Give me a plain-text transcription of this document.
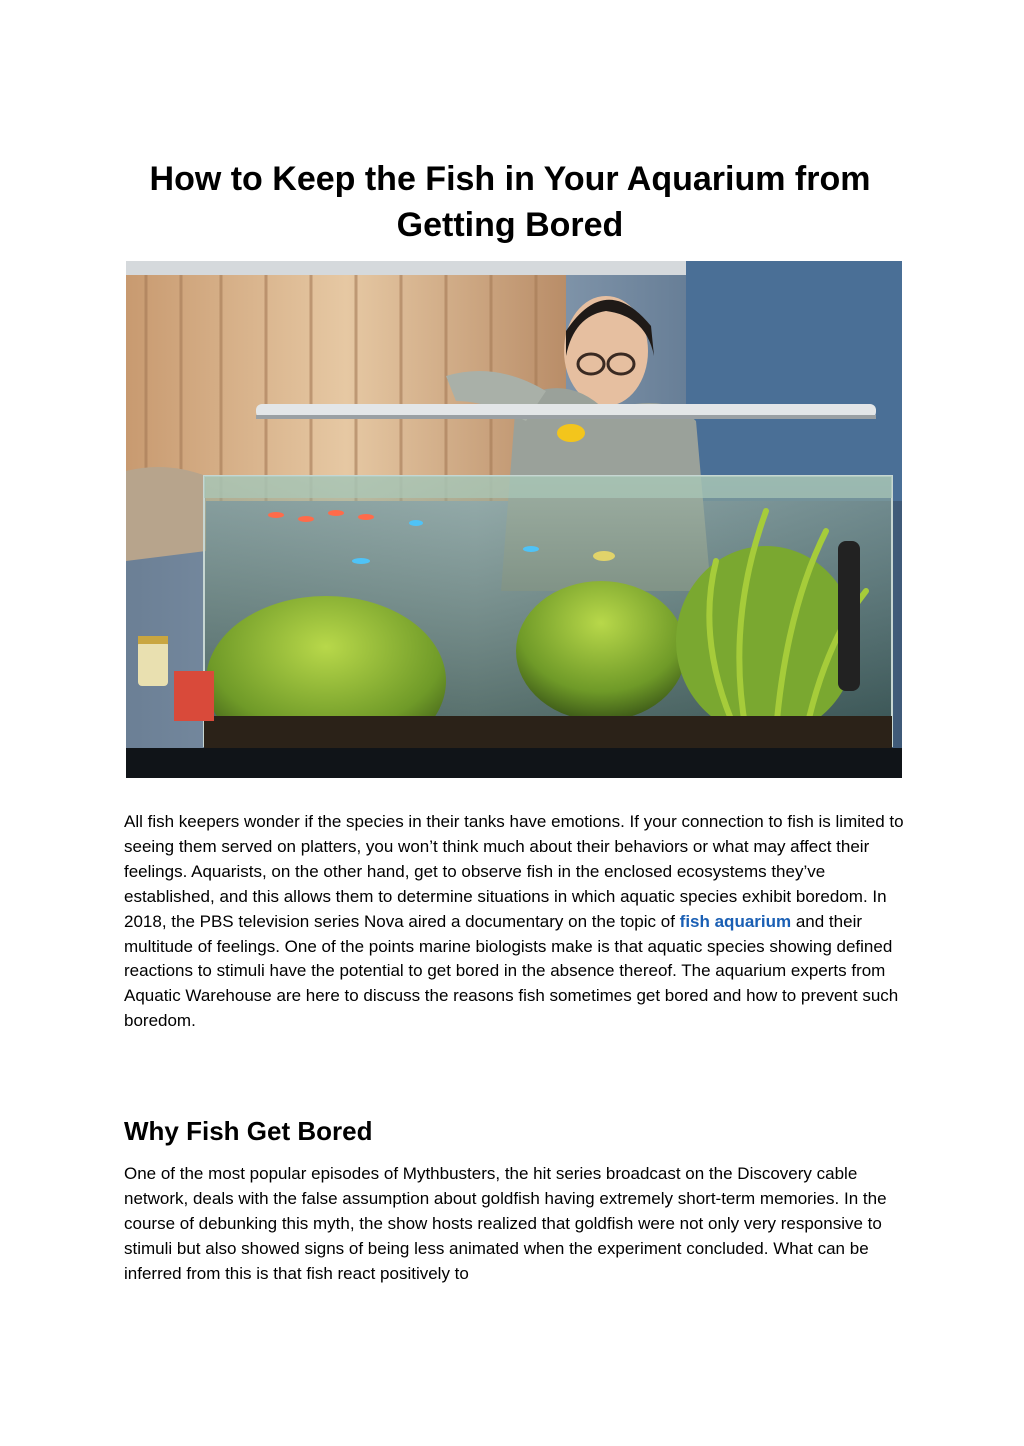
How to Keep the Fish in Your Aquarium from Getting Bored

All fish keepers wonder if the species in their tanks have emotions. If your connection to fish is limited to seeing them served on platters, you won’t think much about their behaviors or what may affect their feelings. Aquarists, on the other hand, get to observe fish in the enclosed ecosystems they’ve established, and this allows them to determine situations in which aquatic species exhibit boredom. In 2018, the PBS television series Nova aired a documentary on the topic of fish aquarium and their multitude of feelings. One of the points marine biologists make is that aquatic species showing defined reactions to stimuli have the potential to get bored in the absence thereof. The aquarium experts from Aquatic Warehouse are here to discuss the reasons fish sometimes get bored and how to prevent such boredom.

Why Fish Get Bored

One of the most popular episodes of Mythbusters, the hit series broadcast on the Discovery cable network, deals with the false assumption about goldfish having extremely short-term memories. In the course of debunking this myth, the show hosts realized that goldfish were not only very responsive to stimuli but also showed signs of being less animated when the experiment concluded. What can be inferred from this is that fish react positively to
